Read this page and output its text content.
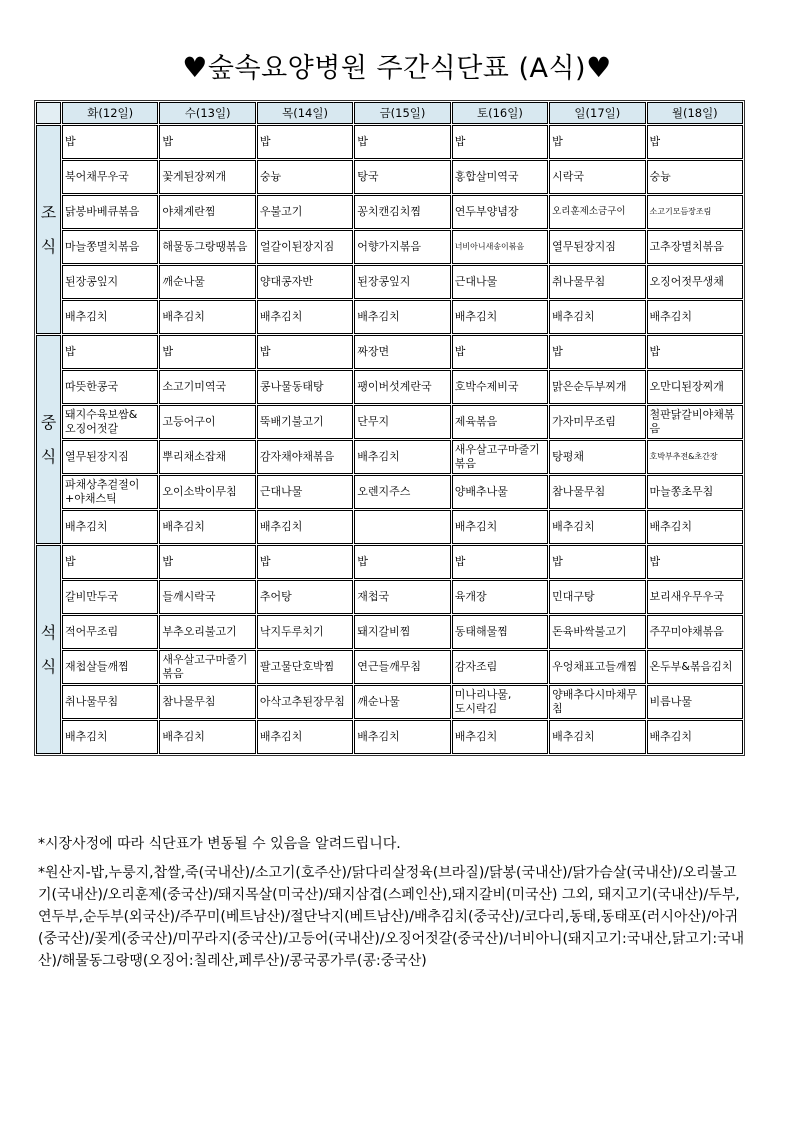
♥숲속요양병원 주간식단표 (A식)♥
	화(12일)	수(13일)	목(14일)	금(15일)	토(16일)	일(17일)	월(18일)

조
식	밥	밥	밥	밥	밥	밥	밥
	북어채무우국	꽃게된장찌개	숭늉	탕국	홍합살미역국	시락국	숭늉
	닭봉바베큐볶음	야채계란찜	우불고기	꽁치캔김치찜	연두부양념장	오리훈제소금구이	소고기모듬장조림
	마늘쫑멸치볶음	해물동그랑땡볶음	얼갈이된장지짐	어향가지볶음	너비아니새송이볶음	열무된장지짐	고추장멸치볶음
	된장콩잎지	깨순나물	양대콩자반	된장콩잎지	근대나물	취나물무침	오징어젓무생채
	배추김치	배추김치	배추김치	배추김치	배추김치	배추김치	배추김치

중
식	밥	밥	밥	짜장면	밥	밥	밥
	따뜻한콩국	소고기미역국	콩나물동태탕	팽이버섯계란국	호박수제비국	맑은순두부찌개	오만디된장찌개
	돼지수육보쌈&오징어젓갈	고등어구이	뚝배기불고기	단무지	제육볶음	가자미무조림	철판닭갈비야채볶음
	열무된장지짐	뿌리채소잡채	감자채야채볶음	배추김치	새우살고구마줄기볶음	탕평채	호박부추전&초간장
	파채상추겉절이+야채스틱	오이소박이무침	근대나물	오렌지주스	양배추나물	참나물무침	마늘쫑초무침
	배추김치	배추김치	배추김치		배추김치	배추김치	배추김치

석
식	밥	밥	밥	밥	밥	밥	밥
	갈비만두국	들깨시락국	추어탕	재첩국	육개장	민대구탕	보리새우무우국
	적어무조림	부추오리불고기	낙지두루치기	돼지갈비찜	동태해물찜	돈육바싹불고기	주꾸미야채볶음
	재첩살들깨찜	새우살고구마줄기볶음	팔고물단호박찜	연근들깨무침	감자조림	우엉채표고들깨찜	온두부&볶음김치
	취나물무침	참나물무침	아삭고추된장무침	깨순나물	미나리나물,도시락김	양배추다시마채무침	비름나물
	배추김치	배추김치	배추김치	배추김치	배추김치	배추김치	배추김치
*시장사정에 따라 식단표가 변동될 수 있음을 알려드립니다.
*원산지-밥,누룽지,찹쌀,죽(국내산)/소고기(호주산)/닭다리살정육(브라질)/닭봉(국내산)/닭가슴살(국내산)/오리불고기(국내산)/오리훈제(중국산)/돼지목살(미국산)/돼지삼겹(스페인산),돼지갈비(미국산) 그외, 돼지고기(국내산)/두부,연두부,순두부(외국산)/주꾸미(베트남산)/절단낙지(베트남산)/배추김치(중국산)/코다리,동태,동태포(러시아산)/아귀(중국산)/꽃게(중국산)/미꾸라지(중국산)/고등어(국내산)/오징어젓갈(중국산)/너비아니(돼지고기:국내산,닭고기:국내산)/해물동그랑땡(오징어:칠레산,페루산)/콩국콩가루(콩:중국산)
